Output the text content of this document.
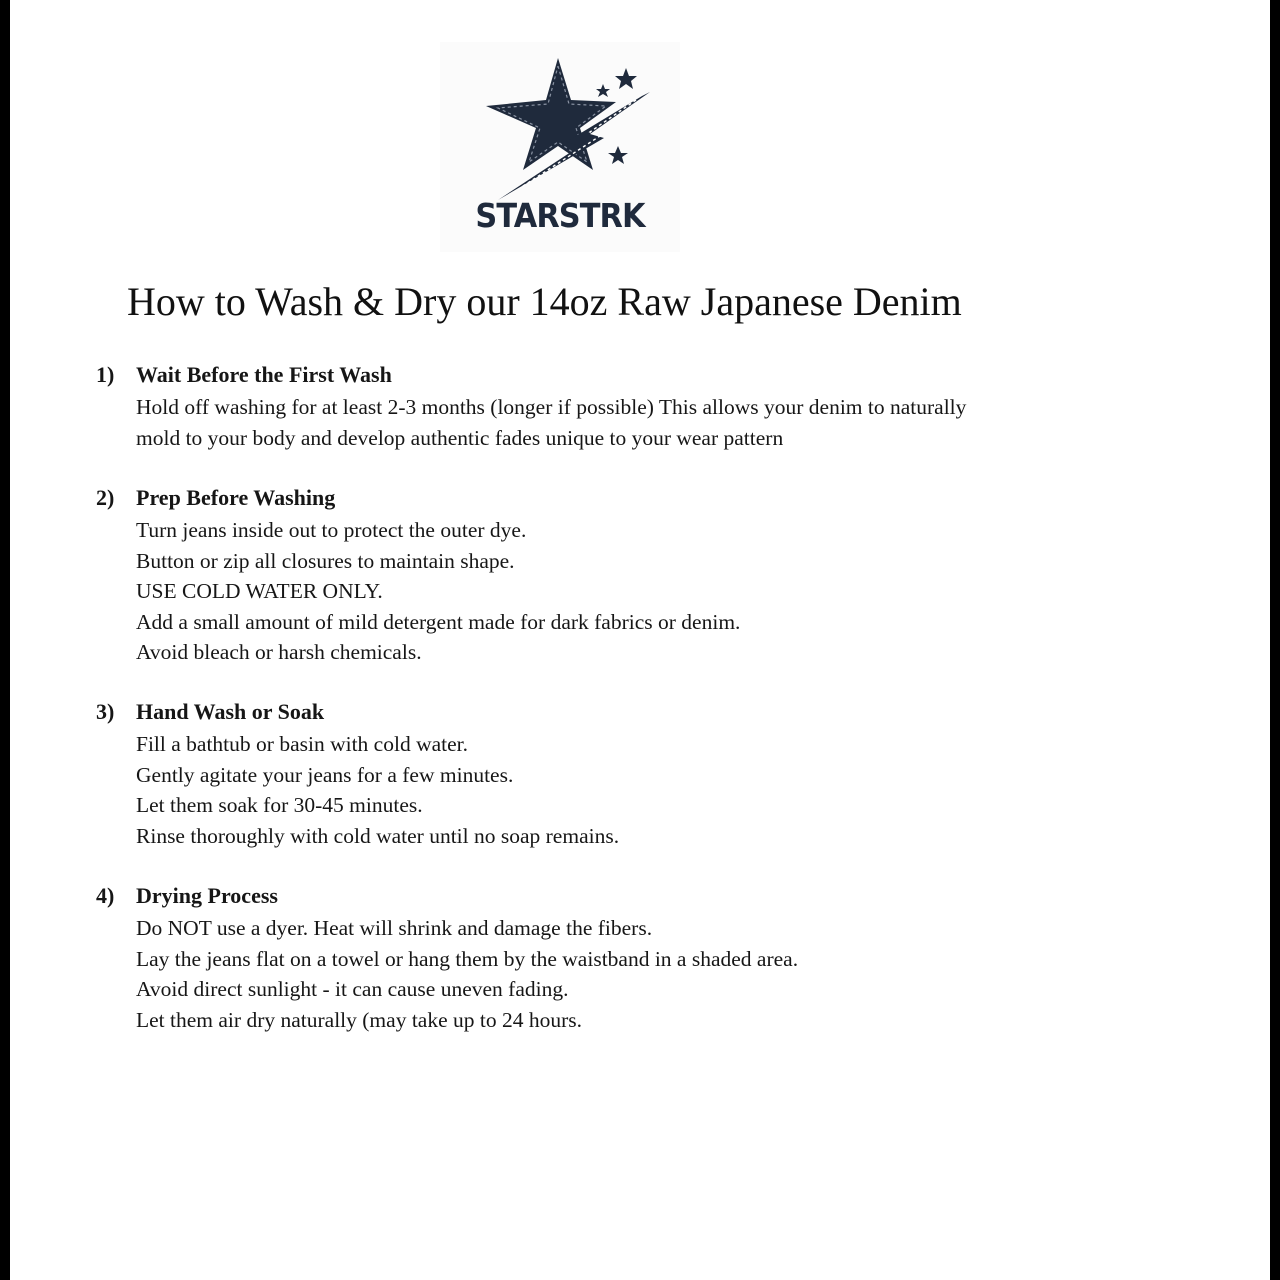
STARSTRK
How to Wash & Dry our 14oz Raw Japanese Denim
1) Wait Before the First Wash
Hold off washing for at least 2-3 months (longer if possible) This allows your denim to naturally
mold to your body and develop authentic fades unique to your wear pattern
2) Prep Before Washing
Turn jeans inside out to protect the outer dye.
Button or zip all closures to maintain shape.
USE COLD WATER ONLY.
Add a small amount of mild detergent made for dark fabrics or denim.
Avoid bleach or harsh chemicals.
3) Hand Wash or Soak
Fill a bathtub or basin with cold water.
Gently agitate your jeans for a few minutes.
Let them soak for 30-45 minutes.
Rinse thoroughly with cold water until no soap remains.
4) Drying Process
Do NOT use a dyer. Heat will shrink and damage the fibers.
Lay the jeans flat on a towel or hang them by the waistband in a shaded area.
Avoid direct sunlight - it can cause uneven fading.
Let them air dry naturally (may take up to 24 hours.
